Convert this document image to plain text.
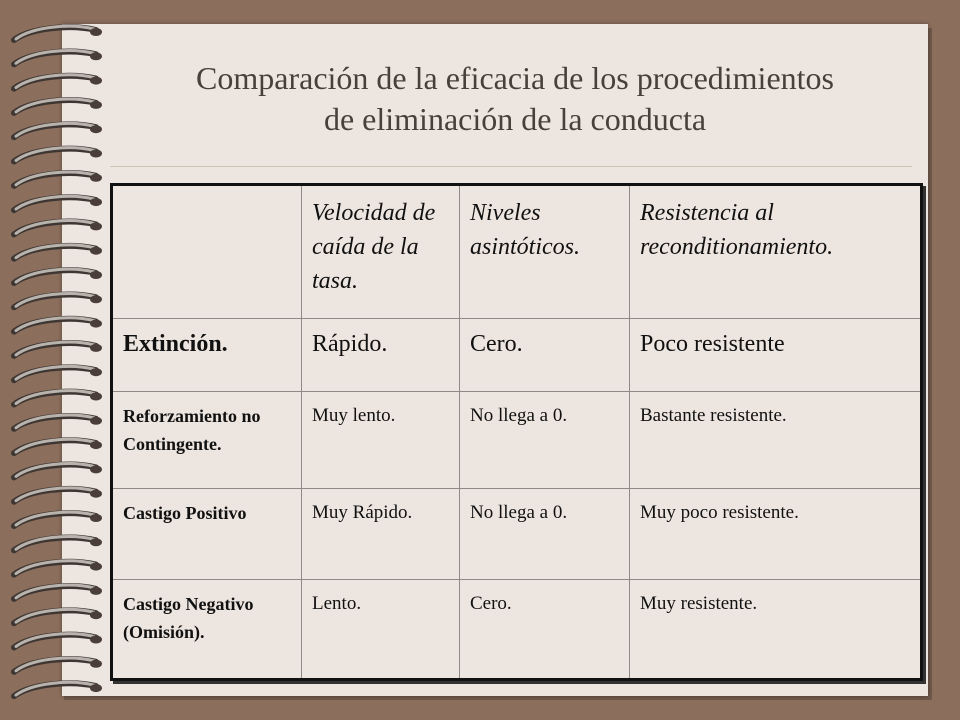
Comparación de la eficacia de los procedimientos
de eliminación de la conducta
	Velocidad de caída de la tasa.	Niveles asintóticos.	Resistencia al reconditionamiento.
Extinción.	Rápido.	Cero.	Poco resistente
Reforzamiento no Contingente.	Muy lento.	No llega a 0.	Bastante resistente.
Castigo Positivo	Muy Rápido.	No llega a 0.	Muy poco resistente.
Castigo Negativo (Omisión).	Lento.	Cero.	Muy resistente.
